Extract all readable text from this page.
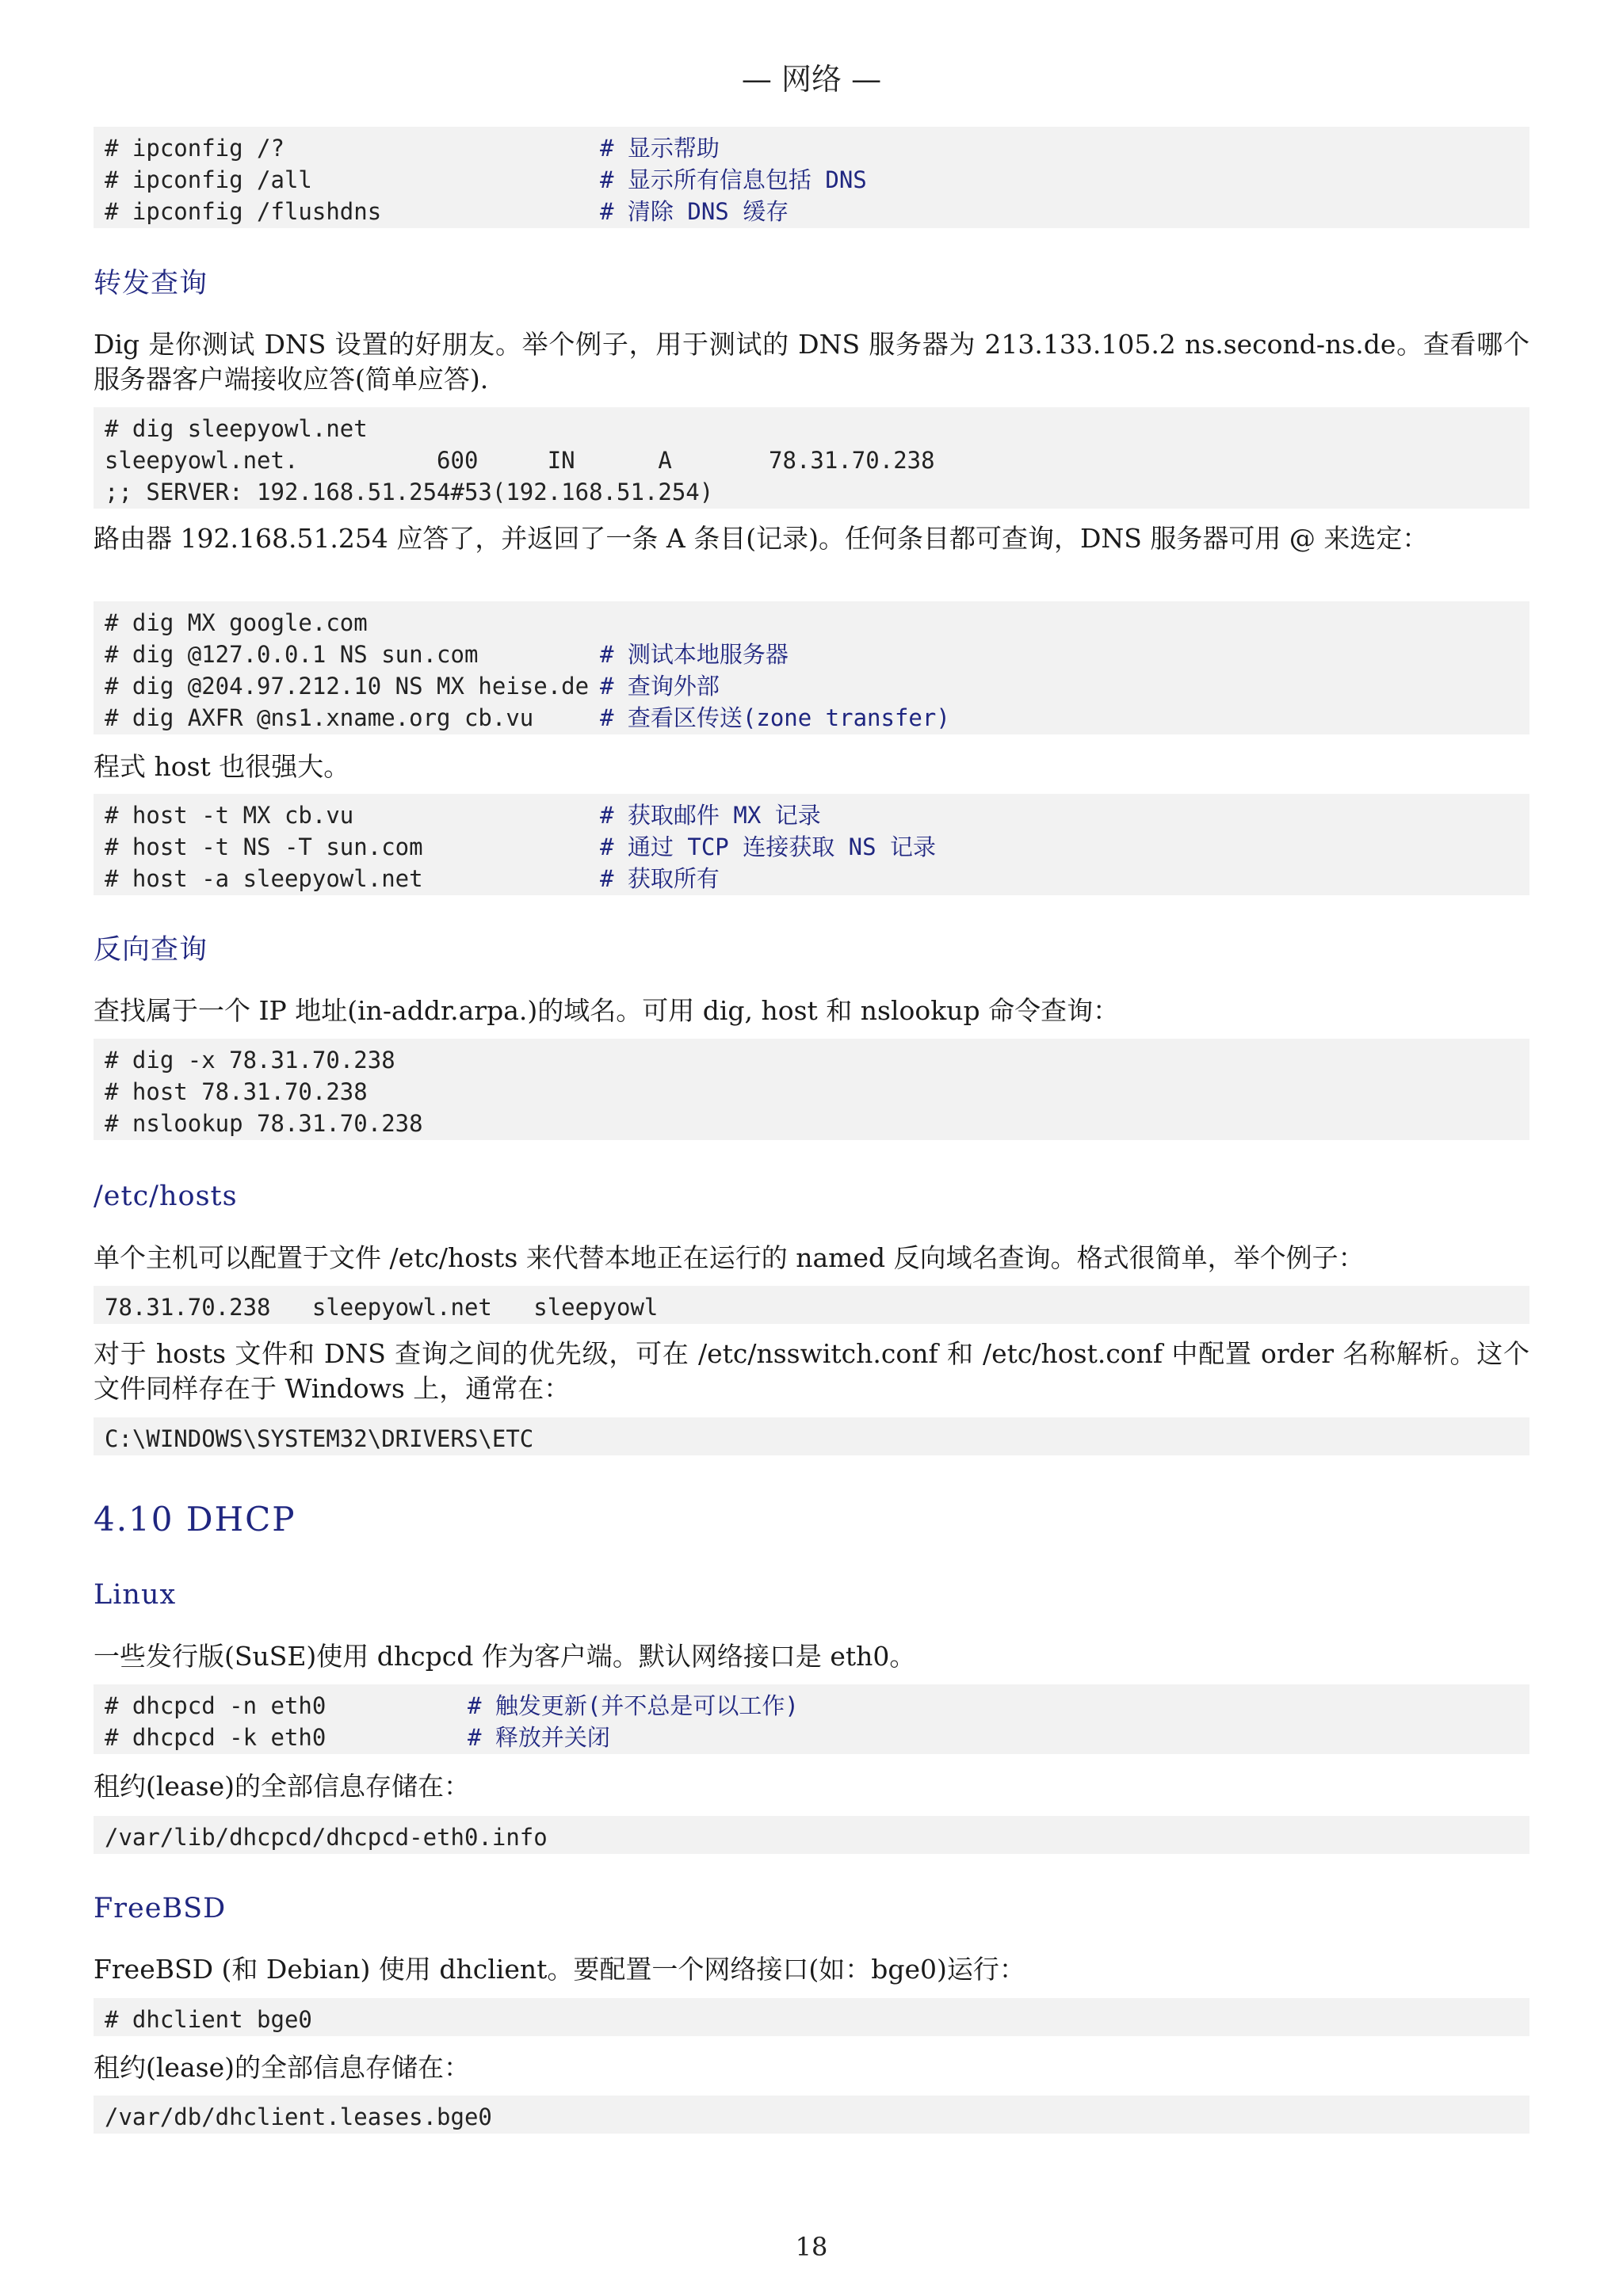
— 网络 —
# ipconfig /?	# 显示帮助
# ipconfig /all	# 显示所有信息包括 DNS
# ipconfig /flushdns	# 清除 DNS 缓存
转发查询
Dig 是你测试 DNS 设置的好朋友。举个例子，用于测试的 DNS 服务器为 213.133.105.2 ns.second-ns.de。查看哪个服务器客户端接收应答(简单应答).
# dig sleepyowl.net
sleepyowl.net.          600     IN      A       78.31.70.238
;; SERVER: 192.168.51.254#53(192.168.51.254)
路由器 192.168.51.254 应答了，并返回了一条 A 条目(记录)。任何条目都可查询，DNS 服务器可用 @ 来选定：
# dig MX google.com
# dig @127.0.0.1 NS sun.com	# 测试本地服务器
# dig @204.97.212.10 NS MX heise.de # 查询外部
# dig AXFR @ns1.xname.org cb.vu	# 查看区传送(zone transfer)
程式 host 也很强大。
# host -t MX cb.vu	# 获取邮件 MX 记录
# host -t NS -T sun.com	# 通过 TCP 连接获取 NS 记录
# host -a sleepyowl.net	# 获取所有
反向查询
查找属于一个 IP 地址(in-addr.arpa.)的域名。可用 dig, host 和 nslookup 命令查询：
# dig -x 78.31.70.238
# host 78.31.70.238
# nslookup 78.31.70.238
/etc/hosts
单个主机可以配置于文件 /etc/hosts 来代替本地正在运行的 named 反向域名查询。格式很简单，举个例子：
78.31.70.238   sleepyowl.net   sleepyowl
对于 hosts 文件和 DNS 查询之间的优先级，可在 /etc/nsswitch.conf 和 /etc/host.conf 中配置 order 名称解析。这个文件同样存在于 Windows 上，通常在：
C:\WINDOWS\SYSTEM32\DRIVERS\ETC
4.10 DHCP
Linux
一些发行版(SuSE)使用 dhcpcd 作为客户端。默认网络接口是 eth0。
# dhcpcd -n eth0	# 触发更新(并不总是可以工作)
# dhcpcd -k eth0	# 释放并关闭
租约(lease)的全部信息存储在：
/var/lib/dhcpcd/dhcpcd-eth0.info
FreeBSD
FreeBSD (和 Debian) 使用 dhclient。要配置一个网络接口(如：bge0)运行：
# dhclient bge0
租约(lease)的全部信息存储在：
/var/db/dhclient.leases.bge0
18
